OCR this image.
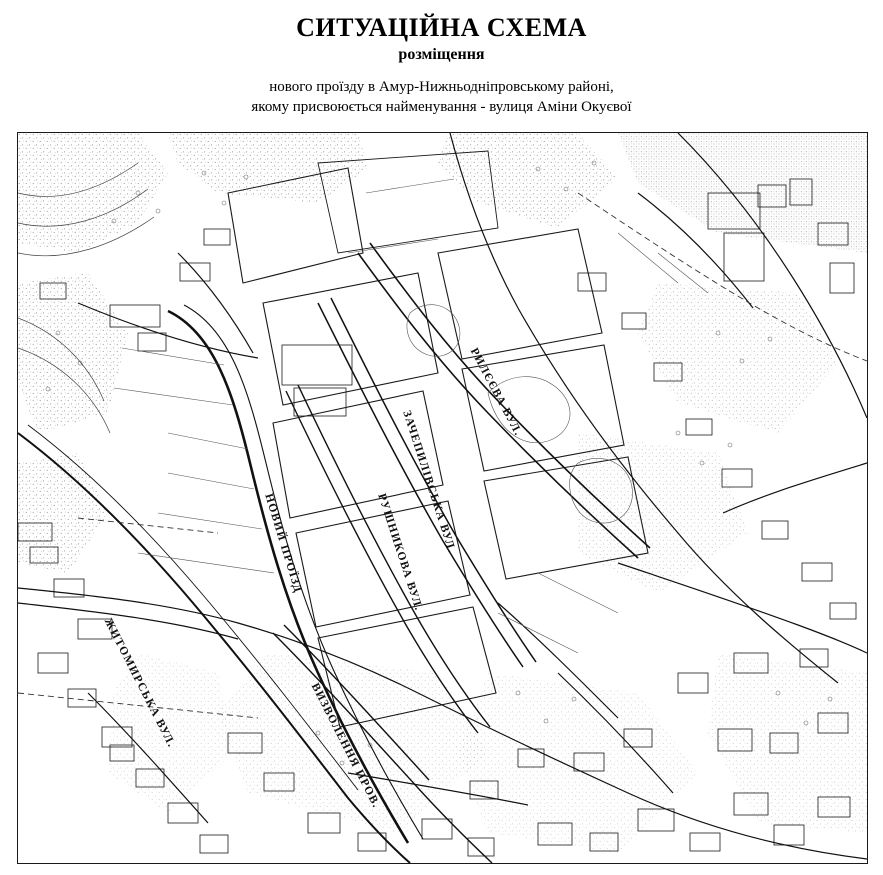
СИТУАЦІЙНА СХЕМА
розміщення
нового проїзду в Амур-Нижньодніпровському районі,
якому присвоюється найменування - вулиця Аміни Окуєвої
РИЛЄЄВА ВУЛ.
ЗАЧЕПИЛІВСЬКА ВУЛ.
РУШНИКОВА ВУЛ.
НОВИЙ ПРОЇЗД
ЖИТОМИРСЬКА ВУЛ.	ВИЗВОЛЕННЯ ПРОВ.
